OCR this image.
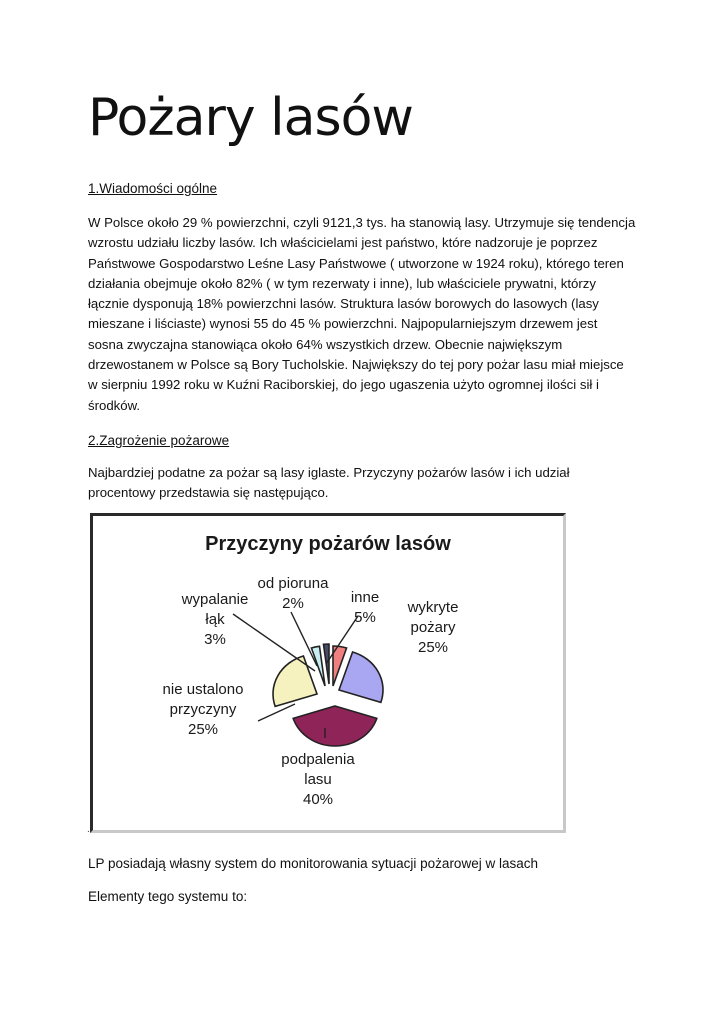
Pożary lasów

1.Wiadomości ogólne

W Polsce około 29 % powierzchni, czyli 9121,3 tys. ha stanowią lasy. Utrzymuje się tendencja wzrostu udziału liczby lasów. Ich właścicielami jest państwo, które nadzoruje je poprzez Państwowe Gospodarstwo Leśne Lasy Państwowe ( utworzone w 1924 roku), którego teren działania obejmuje około 82% ( w tym rezerwaty i inne), lub właściciele prywatni, którzy łącznie dysponują 18% powierzchni lasów. Struktura lasów borowych do lasowych (lasy mieszane i liściaste) wynosi 55 do 45 % powierzchni. Najpopularniejszym drzewem jest sosna zwyczajna stanowiąca około 64% wszystkich drzew. Obecnie największym drzewostanem w Polsce są Bory Tucholskie. Największy do tej pory pożar lasu miał miejsce w sierpniu 1992 roku w Kuźni Raciborskiej, do jego ugaszenia użyto ogromnej ilości sił i środków.

2.Zagrożenie pożarowe

Najbardziej podatne za pożar są lasy iglaste. Przyczyny pożarów lasów i ich udział procentowy przedstawia się następująco.

LP posiadają własny system do monitorowania sytuacji pożarowej w lasach

Elementy tego systemu to:

.
Przyczyny pożarów lasów
wykryte
pożary
25%
podpalenia
lasu
40%
nie ustalono
przyczyny
25%
wypalanie
łąk
3%
od pioruna
2%	inne
5%
